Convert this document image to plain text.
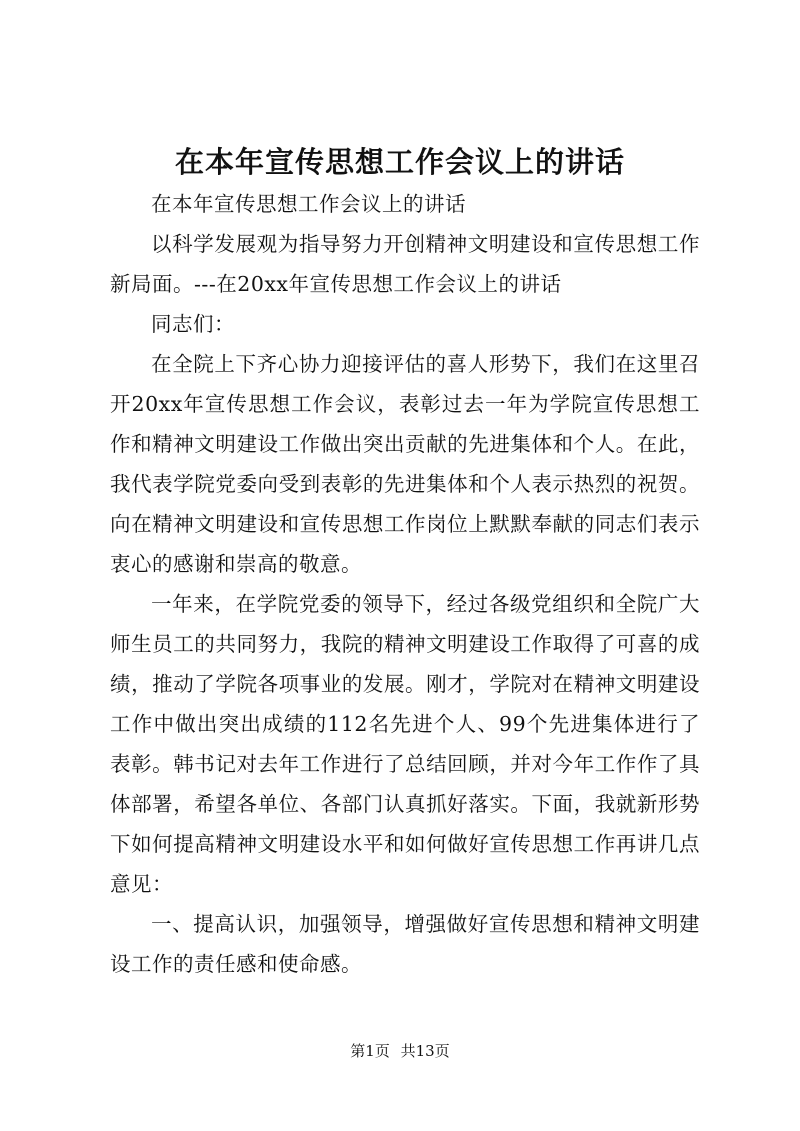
在本年宣传思想工作会议上的讲话

在本年宣传思想工作会议上的讲话

以科学发展观为指导努力开创精神文明建设和宣传思想工作新局面。---在20xx年宣传思想工作会议上的讲话

同志们：

在全院上下齐心协力迎接评估的喜人形势下，我们在这里召开20xx年宣传思想工作会议，表彰过去一年为学院宣传思想工作和精神文明建设工作做出突出贡献的先进集体和个人。在此，我代表学院党委向受到表彰的先进集体和个人表示热烈的祝贺。向在精神文明建设和宣传思想工作岗位上默默奉献的同志们表示衷心的感谢和崇高的敬意。

一年来，在学院党委的领导下，经过各级党组织和全院广大师生员工的共同努力，我院的精神文明建设工作取得了可喜的成绩，推动了学院各项事业的发展。刚才，学院对在精神文明建设工作中做出突出成绩的112名先进个人、99个先进集体进行了表彰。韩书记对去年工作进行了总结回顾，并对今年工作作了具体部署，希望各单位、各部门认真抓好落实。下面，我就新形势下如何提高精神文明建设水平和如何做好宣传思想工作再讲几点意见：

一、提高认识，加强领导，增强做好宣传思想和精神文明建设工作的责任感和使命感。

第1页 共13页
